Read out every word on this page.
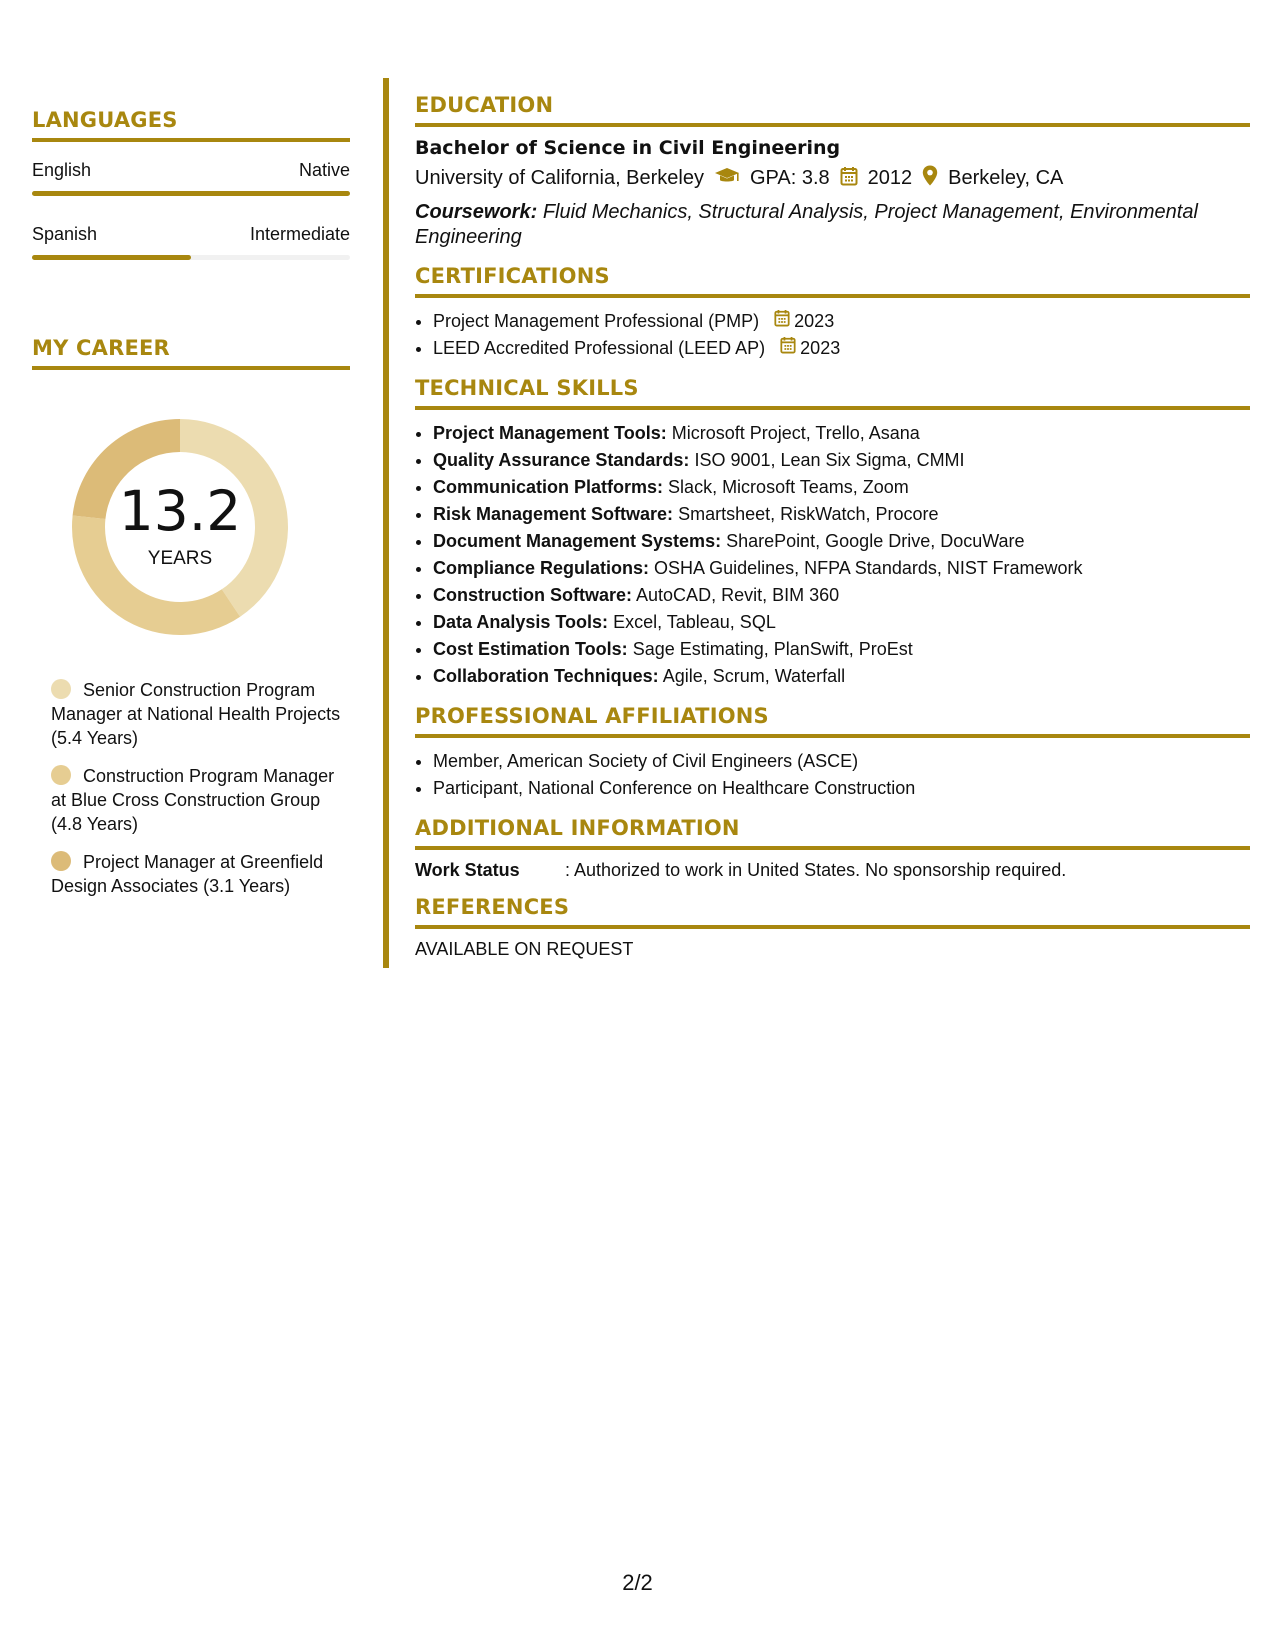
LANGUAGES
English	Native
Spanish	Intermediate
MY CAREER
13.2
YEARS
Senior Construction Program Manager at National Health Projects (5.4 Years)
Construction Program Manager at Blue Cross Construction Group (4.8 Years)
Project Manager at Greenfield Design Associates (3.1 Years)
EDUCATION

Bachelor of Science in Civil Engineering

University of California, Berkeley GPA: 3.8 2012 Berkeley, CA

Coursework: Fluid Mechanics, Structural Analysis, Project Management, Environmental Engineering

CERTIFICATIONS
• Project Management Professional (PMP) 2023
• LEED Accredited Professional (LEED AP) 2023
TECHNICAL SKILLS
• Project Management Tools: Microsoft Project, Trello, Asana
• Quality Assurance Standards: ISO 9001, Lean Six Sigma, CMMI
• Communication Platforms: Slack, Microsoft Teams, Zoom
• Risk Management Software: Smartsheet, RiskWatch, Procore
• Document Management Systems: SharePoint, Google Drive, DocuWare
• Compliance Regulations: OSHA Guidelines, NFPA Standards, NIST Framework
• Construction Software: AutoCAD, Revit, BIM 360
• Data Analysis Tools: Excel, Tableau, SQL
• Cost Estimation Tools: Sage Estimating, PlanSwift, ProEst
• Collaboration Techniques: Agile, Scrum, Waterfall
PROFESSIONAL AFFILIATIONS
• Member, American Society of Civil Engineers (ASCE)
• Participant, National Conference on Healthcare Construction
ADDITIONAL INFORMATION
Work Status	: Authorized to work in United States. No sponsorship required.
REFERENCES
AVAILABLE ON REQUEST
2/2
